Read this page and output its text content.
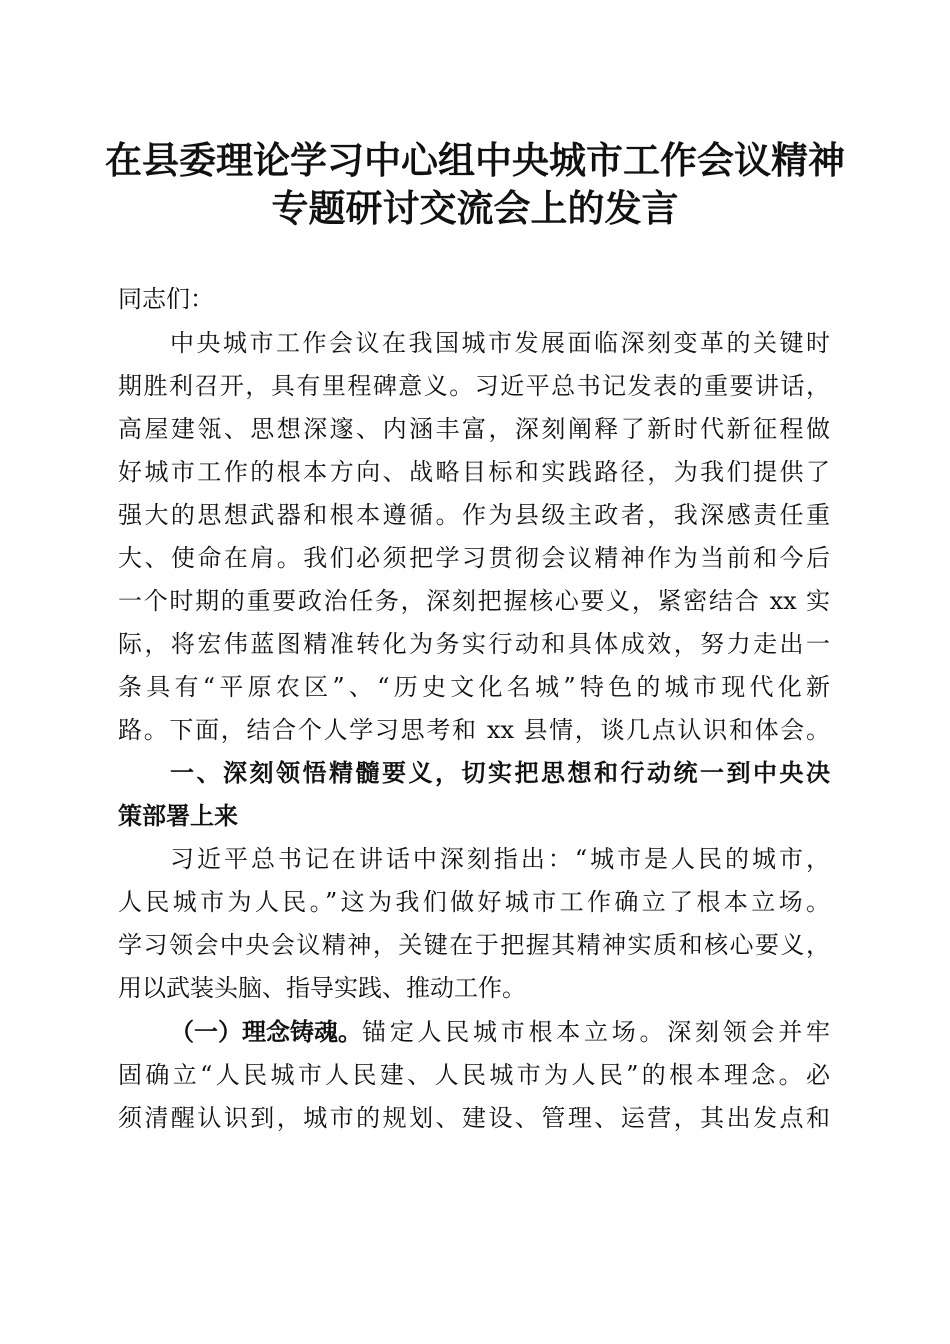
在县委理论学习中心组中央城市工作会议精神
专题研讨交流会上的发言
同志们：
中央城市工作会议在我国城市发展面临深刻变革的关键时
期胜利召开，具有里程碑意义。习近平总书记发表的重要讲话，
高屋建瓴、思想深邃、内涵丰富，深刻阐释了新时代新征程做
好城市工作的根本方向、战略目标和实践路径，为我们提供了
强大的思想武器和根本遵循。作为县级主政者，我深感责任重
大、使命在肩。我们必须把学习贯彻会议精神作为当前和今后
一个时期的重要政治任务，深刻把握核心要义，紧密结合 xx 实
际，将宏伟蓝图精准转化为务实行动和具体成效，努力走出一
条具有“平原农区”、“历史文化名城”特色的城市现代化新
路。下面，结合个人学习思考和 xx 县情，谈几点认识和体会。
一、深刻领悟精髓要义，切实把思想和行动统一到中央决
策部署上来
习近平总书记在讲话中深刻指出：“城市是人民的城市，
人民城市为人民。”这为我们做好城市工作确立了根本立场。
学习领会中央会议精神，关键在于把握其精神实质和核心要义，
用以武装头脑、指导实践、推动工作。
（一）理念铸魂。 锚定人民城市根本立场。深刻领会并牢
固确立“人民城市人民建、人民城市为人民”的根本理念。必
须清醒认识到，城市的规划、建设、管理、运营，其出发点和
